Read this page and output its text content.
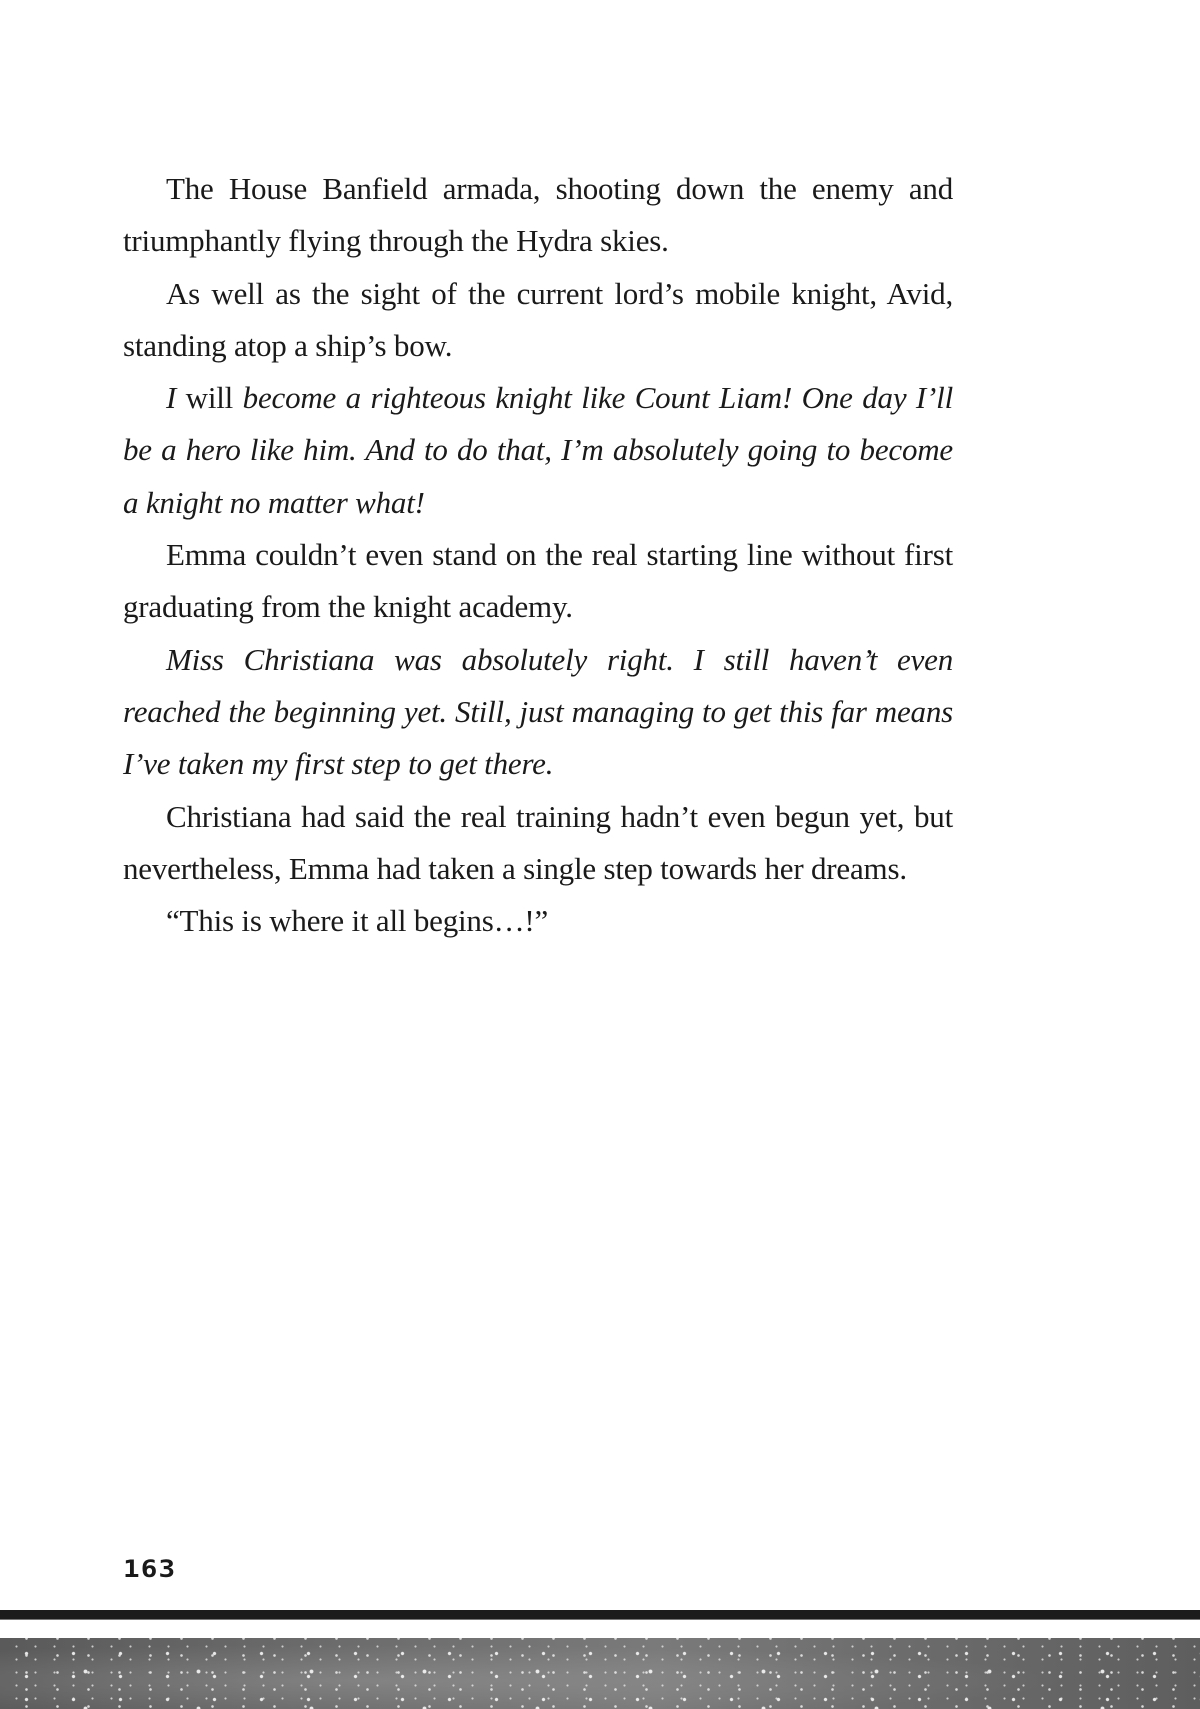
The House Banfield armada, shooting down the enemy and triumphantly flying through the Hydra skies.

As well as the sight of the current lord’s mobile knight, Avid, standing atop a ship’s bow.

I will become a righteous knight like Count Liam! One day I’ll be a hero like him. And to do that, I’m absolutely going to become a knight no matter what!

Emma couldn’t even stand on the real starting line without first graduating from the knight academy.

Miss Christiana was absolutely right. I still haven’t even reached the beginning yet. Still, just managing to get this far means I’ve taken my first step to get there.

Christiana had said the real training hadn’t even begun yet, but nevertheless, Emma had taken a single step towards her dreams.

“This is where it all begins…!”

163
